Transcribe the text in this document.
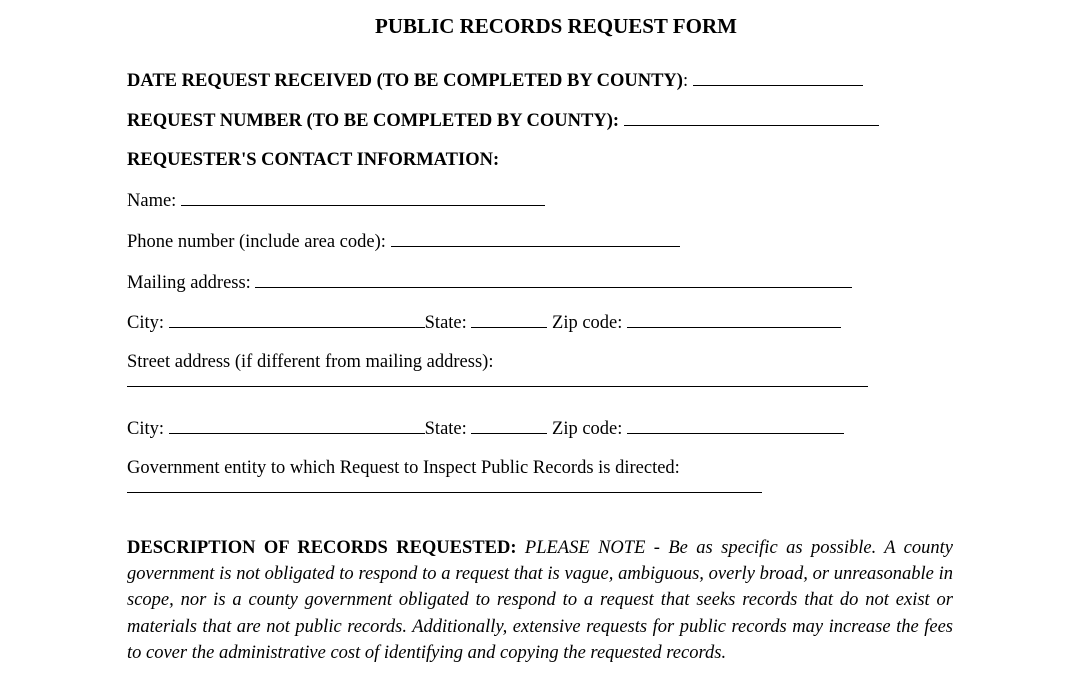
PUBLIC RECORDS REQUEST FORM
DATE REQUEST RECEIVED (TO BE COMPLETED BY COUNTY):
REQUEST NUMBER (TO BE COMPLETED BY COUNTY):
REQUESTER'S CONTACT INFORMATION:
Name:
Phone number (include area code):
Mailing address:
City:	State:	Zip code:
Street address (if different from mailing address):
City:	State:	Zip code:
Government entity to which Request to Inspect Public Records is directed:
DESCRIPTION OF RECORDS REQUESTED: PLEASE NOTE - Be as specific as possible. A county government is not obligated to respond to a request that is vague, ambiguous, overly broad, or unreasonable in scope, nor is a county government obligated to respond to a request that seeks records that do not exist or materials that are not public records. Additionally, extensive requests for public records may increase the fees to cover the administrative cost of identifying and copying the requested records.
